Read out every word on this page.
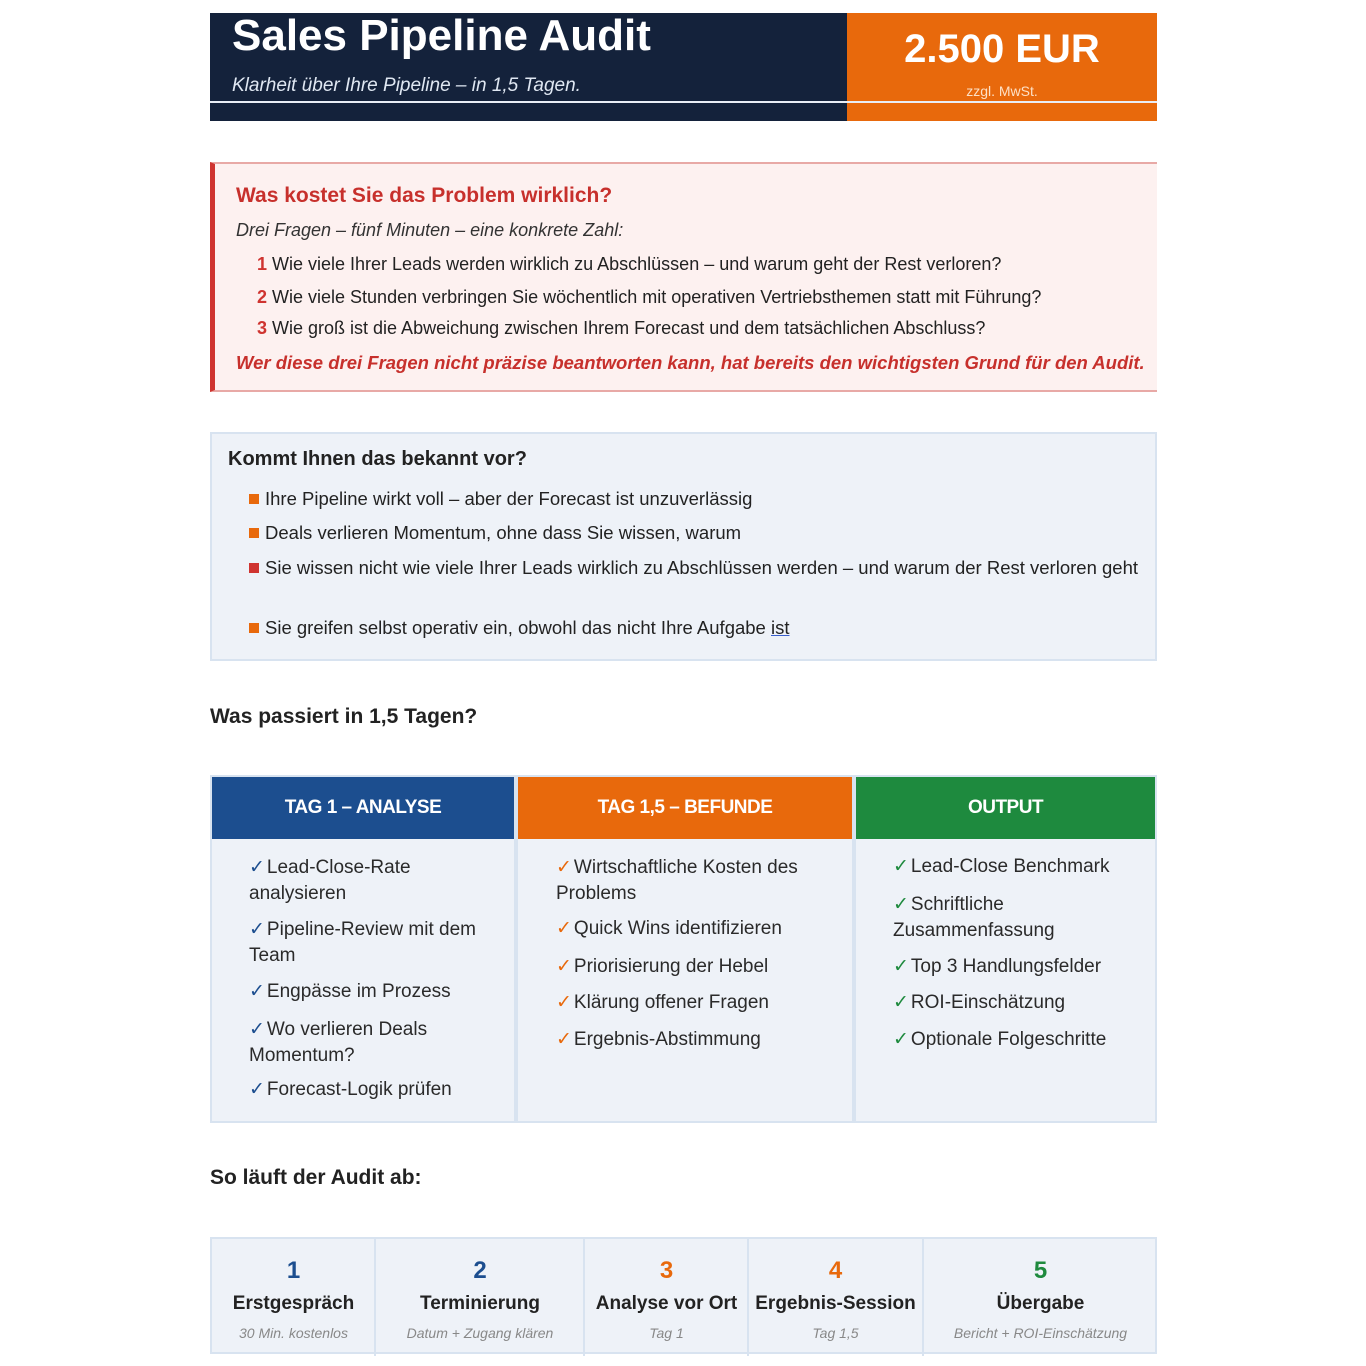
Sales Pipeline Audit
Klarheit über Ihre Pipeline – in 1,5 Tagen.
2.500 EUR
zzgl. MwSt.
Was kostet Sie das Problem wirklich?
Drei Fragen – fünf Minuten – eine konkrete Zahl:
1 Wie viele Ihrer Leads werden wirklich zu Abschlüssen – und warum geht der Rest verloren?
2 Wie viele Stunden verbringen Sie wöchentlich mit operativen Vertriebsthemen statt mit Führung?
3 Wie groß ist die Abweichung zwischen Ihrem Forecast und dem tatsächlichen Abschluss?
Wer diese drei Fragen nicht präzise beantworten kann, hat bereits den wichtigsten Grund für den Audit.
Kommt Ihnen das bekannt vor?
Ihre Pipeline wirkt voll – aber der Forecast ist unzuverlässig
Deals verlieren Momentum, ohne dass Sie wissen, warum
Sie wissen nicht wie viele Ihrer Leads wirklich zu Abschlüssen werden – und warum der Rest verloren geht
Sie greifen selbst operativ ein, obwohl das nicht Ihre Aufgabe ist
Was passiert in 1,5 Tagen?
TAG 1 – ANALYSE
✓ Lead-Close-Rate analysieren
✓ Pipeline-Review mit dem Team
✓ Engpässe im Prozess
✓ Wo verlieren Deals Momentum?
✓ Forecast-Logik prüfen
TAG 1,5 – BEFUNDE
✓ Wirtschaftliche Kosten des Problems
✓ Quick Wins identifizieren
✓ Priorisierung der Hebel
✓ Klärung offener Fragen
✓ Ergebnis-Abstimmung
OUTPUT
✓ Lead-Close Benchmark
✓ Schriftliche Zusammenfassung
✓ Top 3 Handlungsfelder
✓ ROI-Einschätzung
✓ Optionale Folgeschritte
So läuft der Audit ab:
1
Erstgespräch
30 Min. kostenlos
2
Terminierung
Datum + Zugang klären
3
Analyse vor Ort
Tag 1
4
Ergebnis-Session
Tag 1,5
5
Übergabe
Bericht + ROI-Einschätzung
